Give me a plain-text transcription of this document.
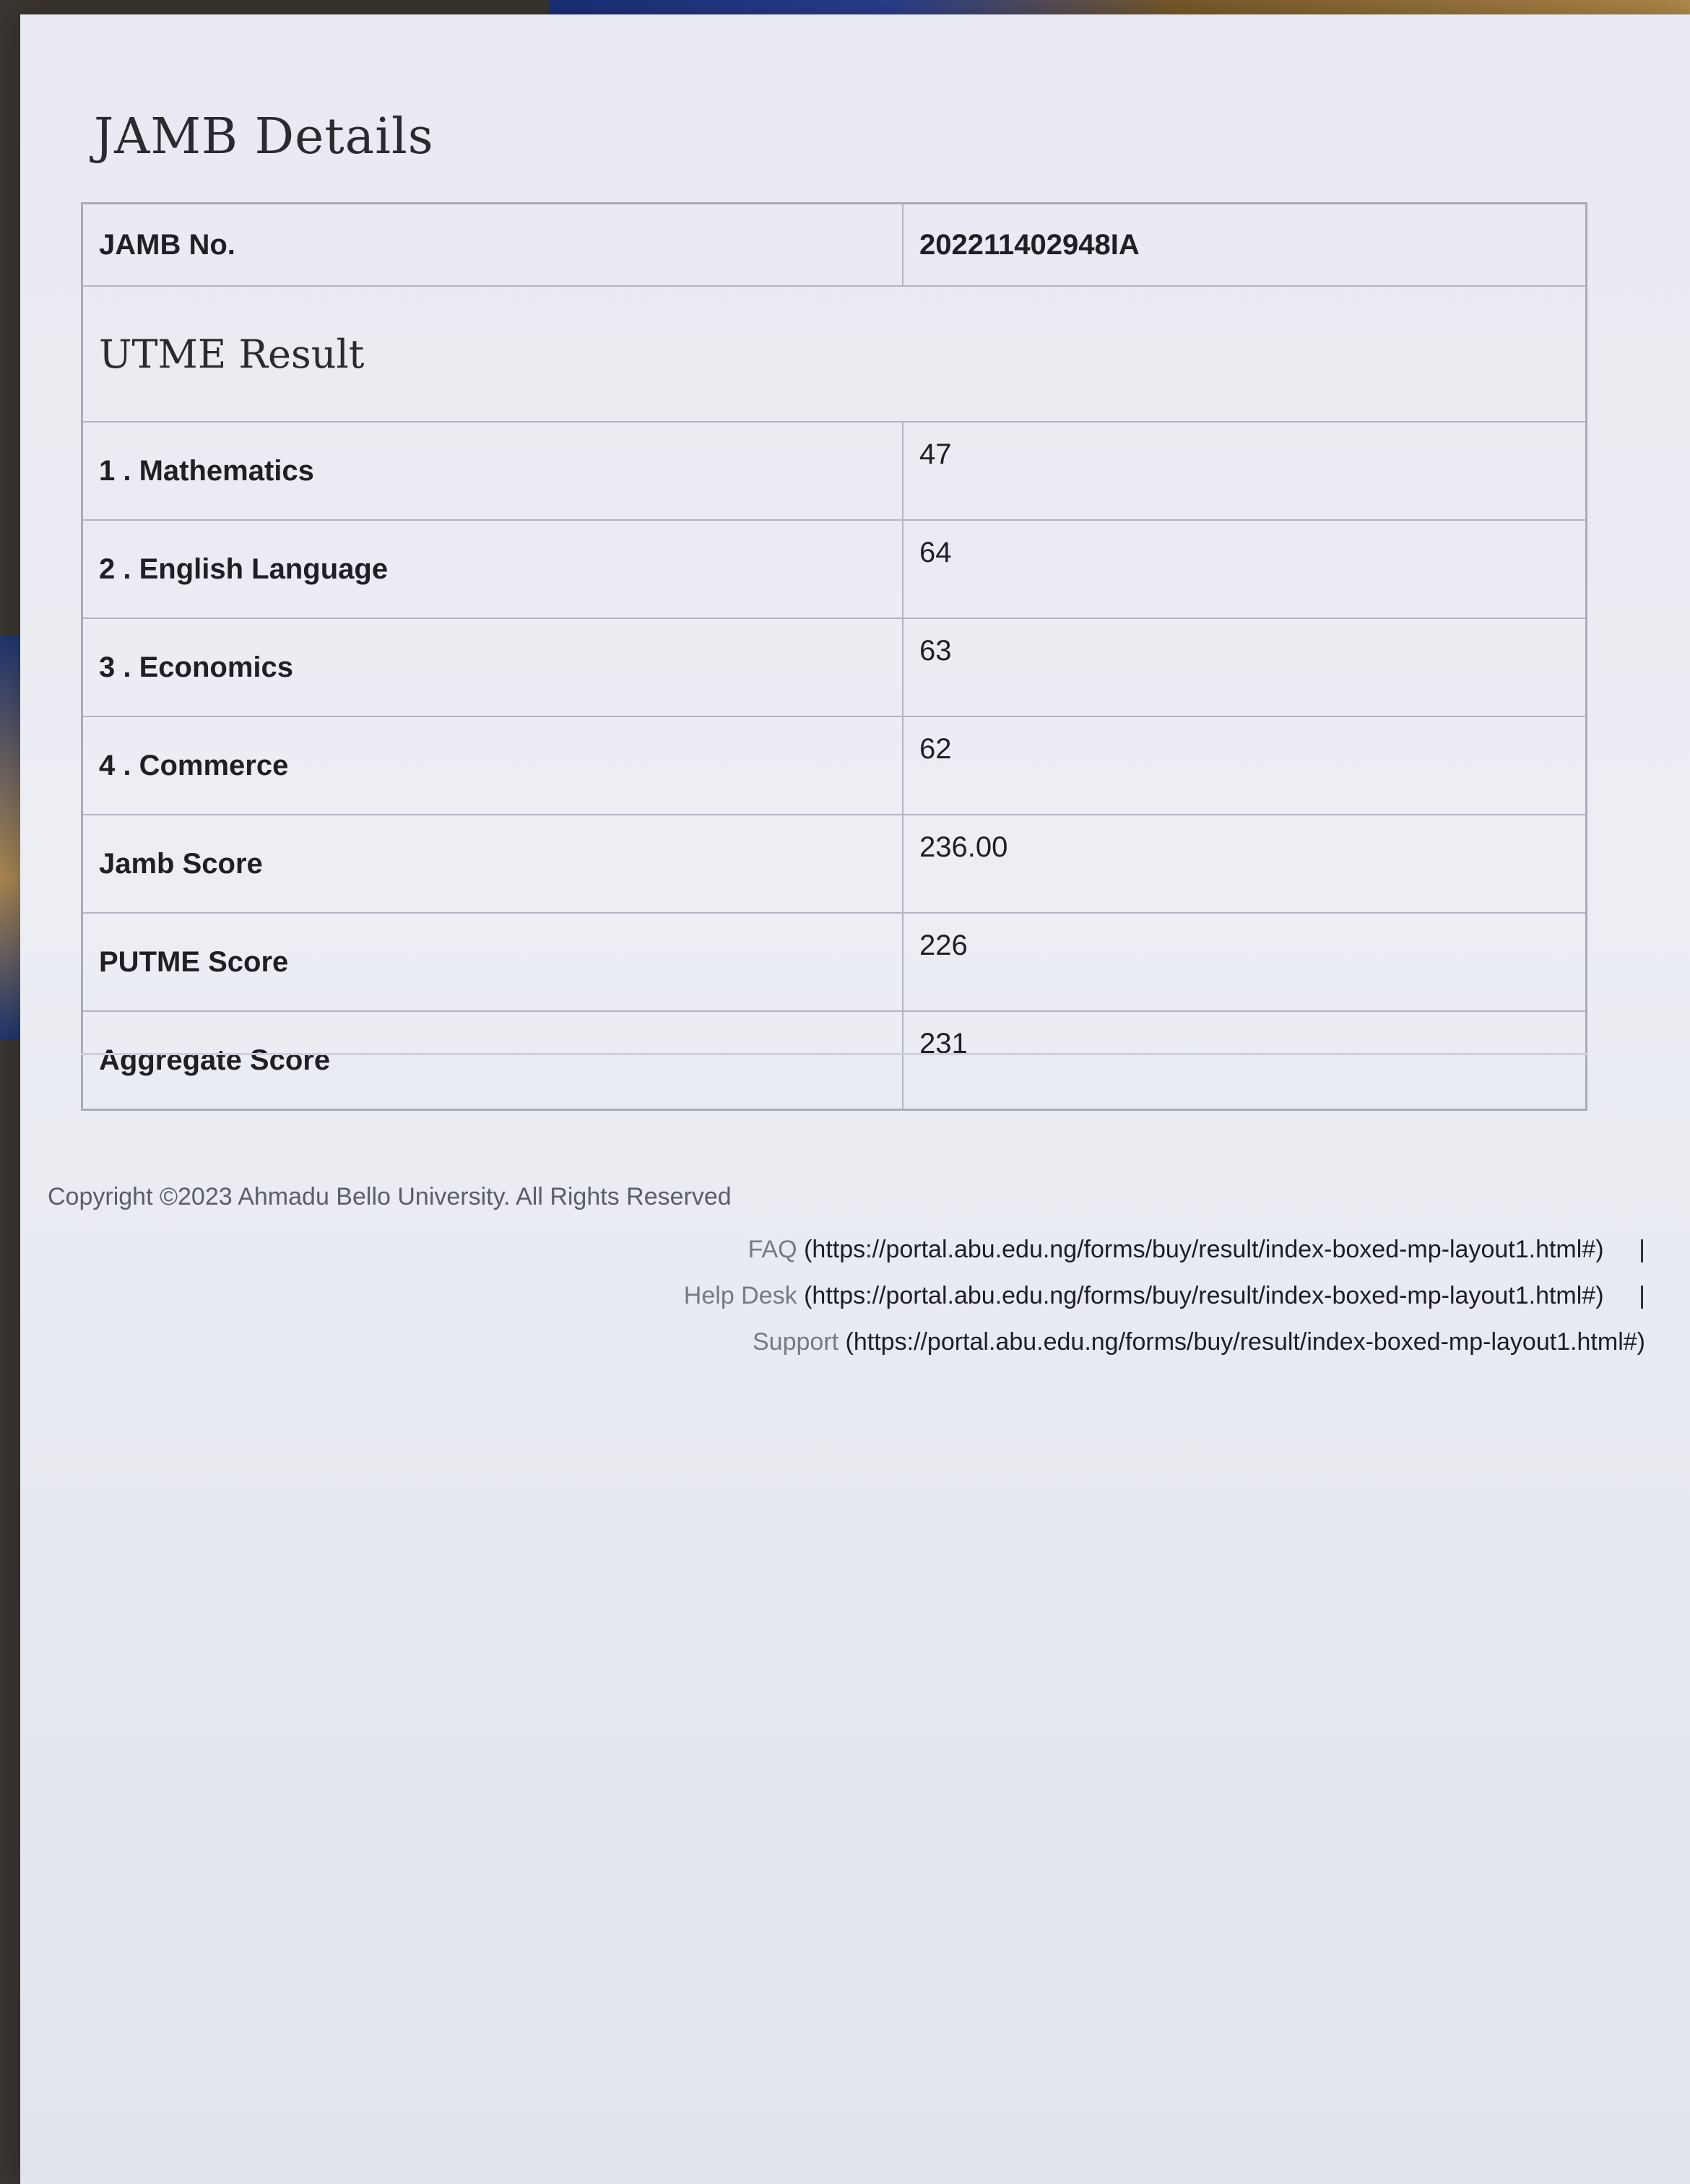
JAMB Details
JAMB No.	202211402948IA
UTME Result	
1 . Mathematics	47
2 . English Language	64
3 . Economics	63
4 . Commerce	62
Jamb Score	236.00
PUTME Score	226
Aggregate Score	231
Copyright ©2023 Ahmadu Bello University. All Rights Reserved
FAQ (https://portal.abu.edu.ng/forms/buy/result/index-boxed-mp-layout1.html#) |
Help Desk (https://portal.abu.edu.ng/forms/buy/result/index-boxed-mp-layout1.html#) |
Support (https://portal.abu.edu.ng/forms/buy/result/index-boxed-mp-layout1.html#)
